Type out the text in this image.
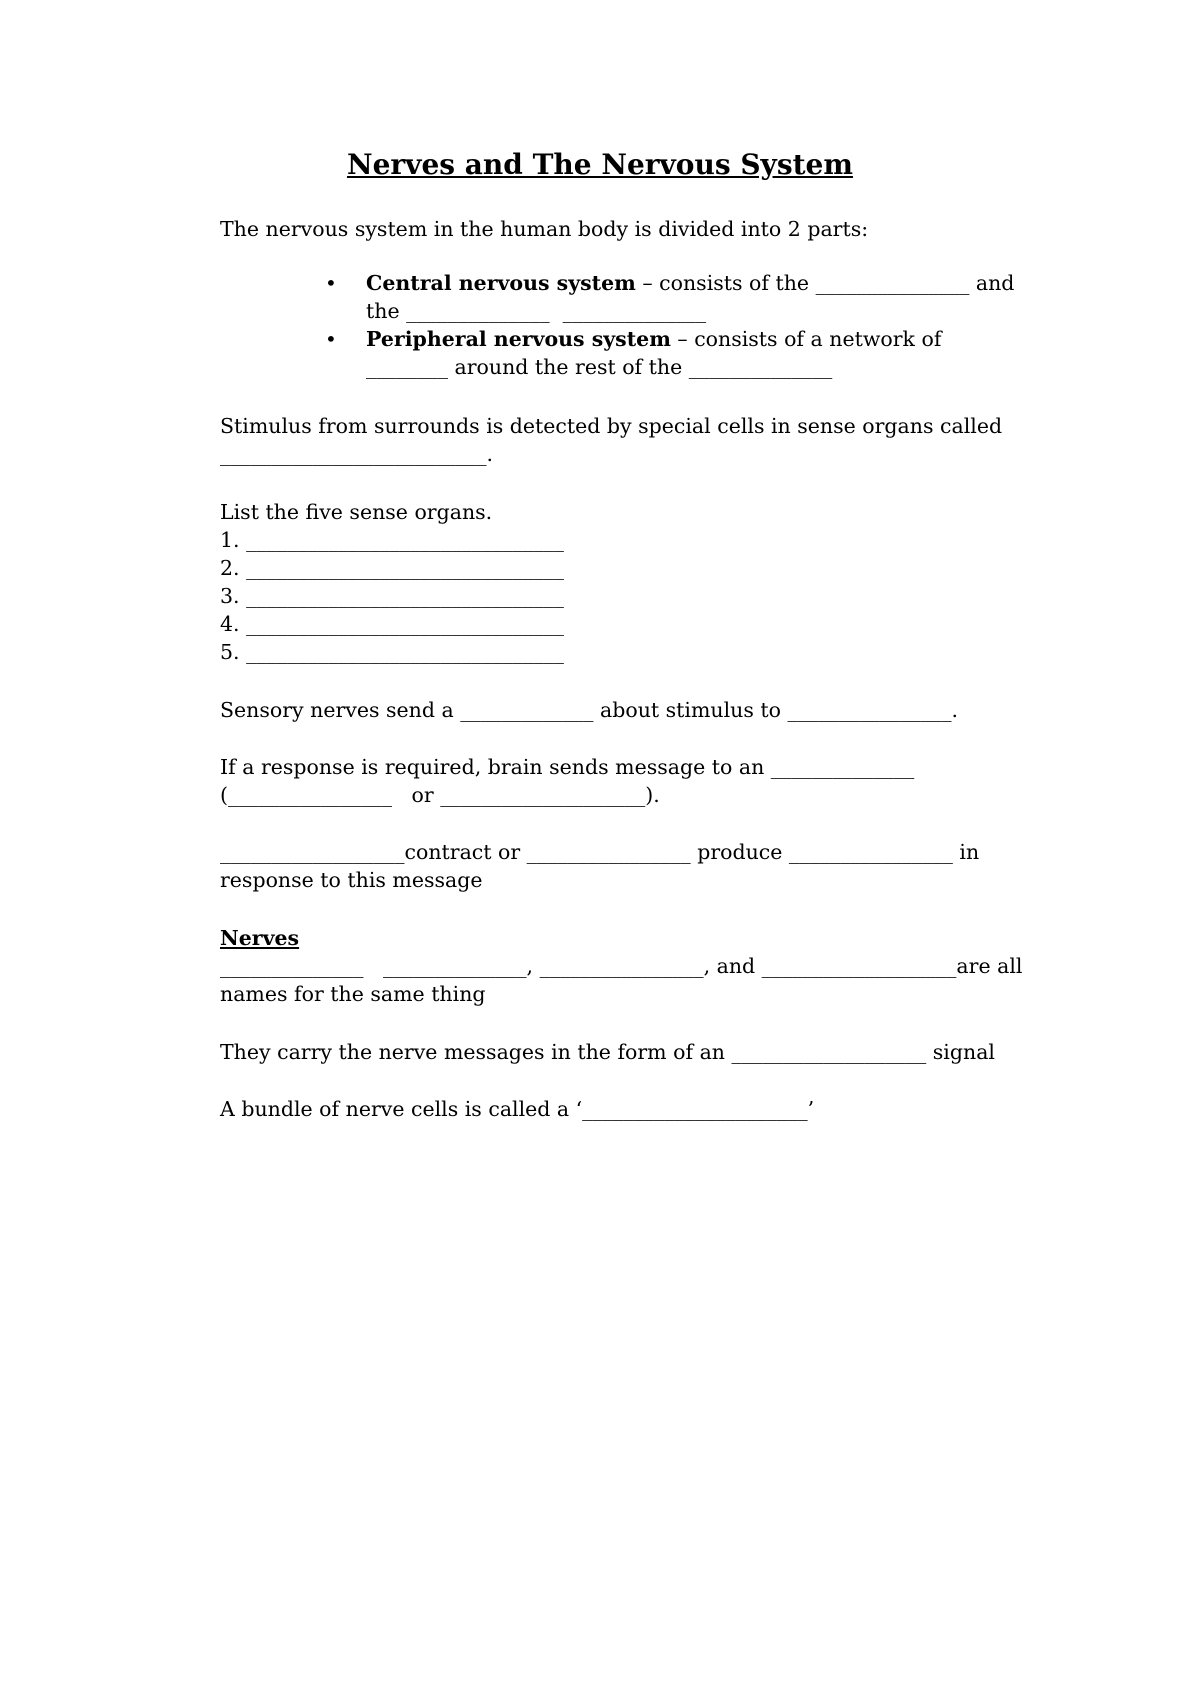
Nerves and The Nervous System
The nervous system in the human body is divided into 2 parts:
• Central nervous system – consists of the _______________ and
the ______________  ______________
• Peripheral nervous system – consists of a network of
________ around the rest of the ______________
Stimulus from surrounds is detected by special cells in sense organs called
__________________________.
List the five sense organs.
1. _______________________________
2. _______________________________
3. _______________________________
4. _______________________________
5. _______________________________
Sensory nerves send a _____________ about stimulus to ________________.
If a response is required, brain sends message to an ______________
(________________   or ____________________).
__________________contract or ________________ produce ________________ in
response to this message
Nerves
______________   ______________, ________________, and ___________________are all
names for the same thing
They carry the nerve messages in the form of an ___________________ signal
A bundle of nerve cells is called a ‘______________________’
